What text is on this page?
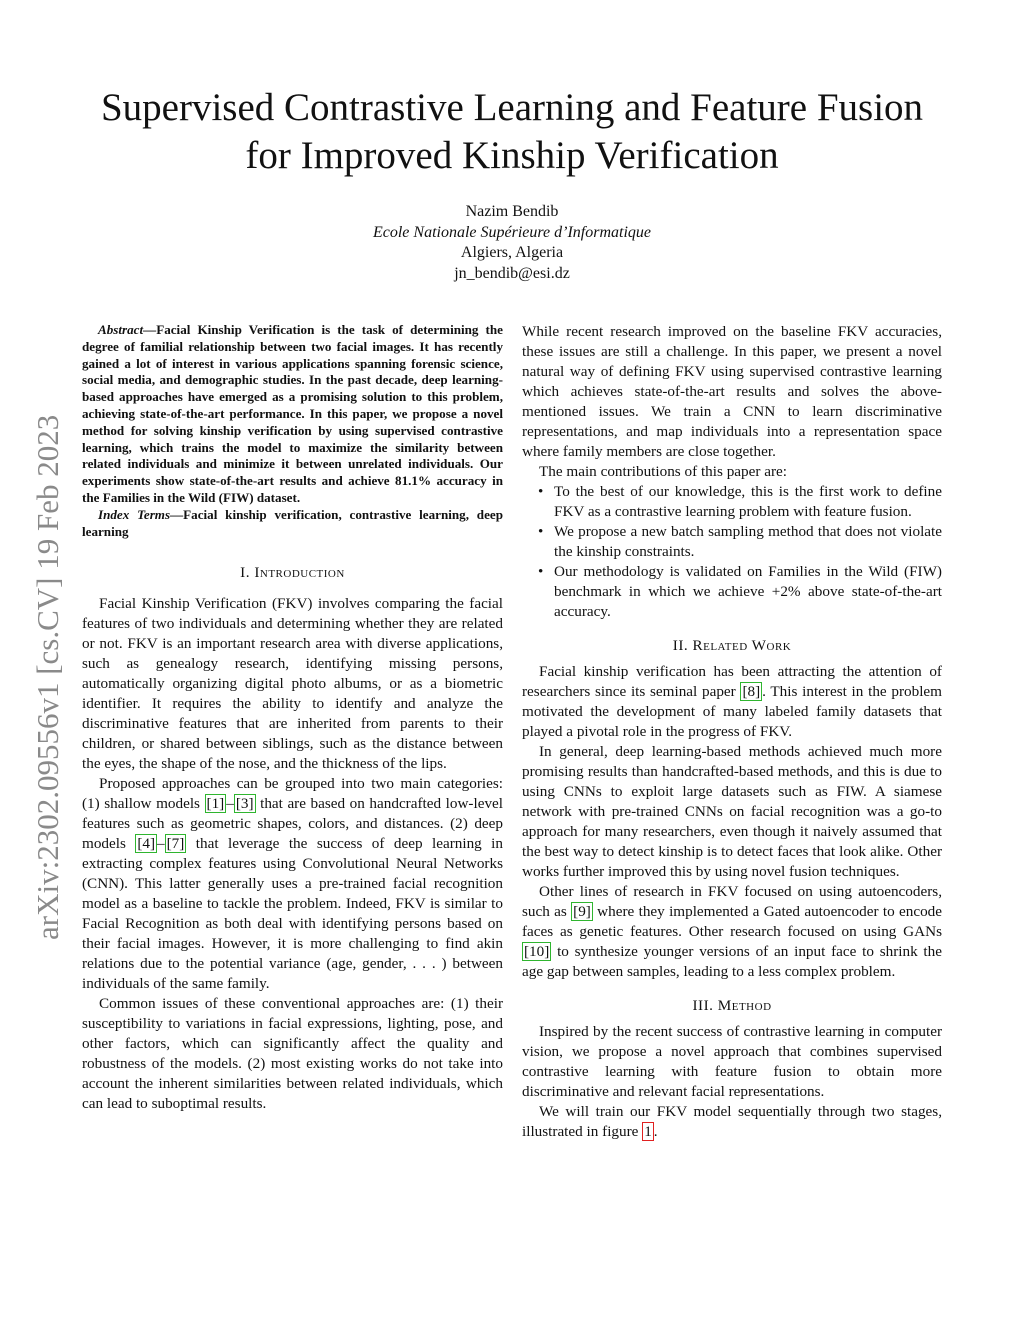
Supervised Contrastive Learning and Feature Fusion
for Improved Kinship Verification
Nazim Bendib
Ecole Nationale Supérieure d’Informatique
Algiers, Algeria
jn_bendib@esi.dz
arXiv:2302.09556v1 [cs.CV] 19 Feb 2023

Abstract—Facial Kinship Verification is the task of determining the degree of familial relationship between two facial images. It has recently gained a lot of interest in various applications spanning forensic science, social media, and demographic studies. In the past decade, deep learning-based approaches have emerged as a promising solution to this problem, achieving state-of-the-art performance. In this paper, we propose a novel method for solving kinship verification by using supervised contrastive learning, which trains the model to maximize the similarity between related individuals and minimize it between unrelated individuals. Our experiments show state-of-the-art results and achieve 81.1% accuracy in the Families in the Wild (FIW) dataset.

Index Terms—Facial kinship verification, contrastive learning, deep learning

I. Introduction

Facial Kinship Verification (FKV) involves comparing the facial features of two individuals and determining whether they are related or not. FKV is an important research area with diverse applications, such as genealogy research, identifying missing persons, automatically organizing digital photo albums, or as a biometric identifier. It requires the ability to identify and analyze the discriminative features that are inherited from parents to their children, or shared between siblings, such as the distance between the eyes, the shape of the nose, and the thickness of the lips.

Proposed approaches can be grouped into two main categories: (1) shallow models [1] – [3] that are based on handcrafted low-level features such as geometric shapes, colors, and distances. (2) deep models [4] – [7] that leverage the success of deep learning in extracting complex features using Convolutional Neural Networks (CNN). This latter generally uses a pre-trained facial recognition model as a baseline to tackle the problem. Indeed, FKV is similar to Facial Recognition as both deal with identifying persons based on their facial images. However, it is more challenging to find akin relations due to the potential variance (age, gender, . . . ) between individuals of the same family.

Common issues of these conventional approaches are: (1) their susceptibility to variations in facial expressions, lighting, pose, and other factors, which can significantly affect the quality and robustness of the models. (2) most existing works do not take into account the inherent similarities between related individuals, which can lead to suboptimal results.

While recent research improved on the baseline FKV accuracies, these issues are still a challenge. In this paper, we present a novel natural way of defining FKV using supervised contrastive learning which achieves state-of-the-art results and solves the above-mentioned issues. We train a CNN to learn discriminative representations, and map individuals into a representation space where family members are close together.

The main contributions of this paper are:

• To the best of our knowledge, this is the first work to define FKV as a contrastive learning problem with feature fusion.
• We propose a new batch sampling method that does not violate the kinship constraints.
• Our methodology is validated on Families in the Wild (FIW) benchmark in which we achieve +2% above state-of-the-art accuracy.
II. Related Work

Facial kinship verification has been attracting the attention of researchers since its seminal paper [8] . This interest in the problem motivated the development of many labeled family datasets that played a pivotal role in the progress of FKV.

In general, deep learning-based methods achieved much more promising results than handcrafted-based methods, and this is due to using CNNs to exploit large datasets such as FIW. A siamese network with pre-trained CNNs on facial recognition was a go-to approach for many researchers, even though it naively assumed that the best way to detect kinship is to detect faces that look alike. Other works further improved this by using novel fusion techniques.

Other lines of research in FKV focused on using autoencoders, such as [9] where they implemented a Gated autoencoder to encode faces as genetic features. Other research focused on using GANs [10] to synthesize younger versions of an input face to shrink the age gap between samples, leading to a less complex problem.

III. Method

Inspired by the recent success of contrastive learning in computer vision, we propose a novel approach that combines supervised contrastive learning with feature fusion to obtain more discriminative and relevant facial representations.

We will train our FKV model sequentially through two stages, illustrated in figure 1 .
